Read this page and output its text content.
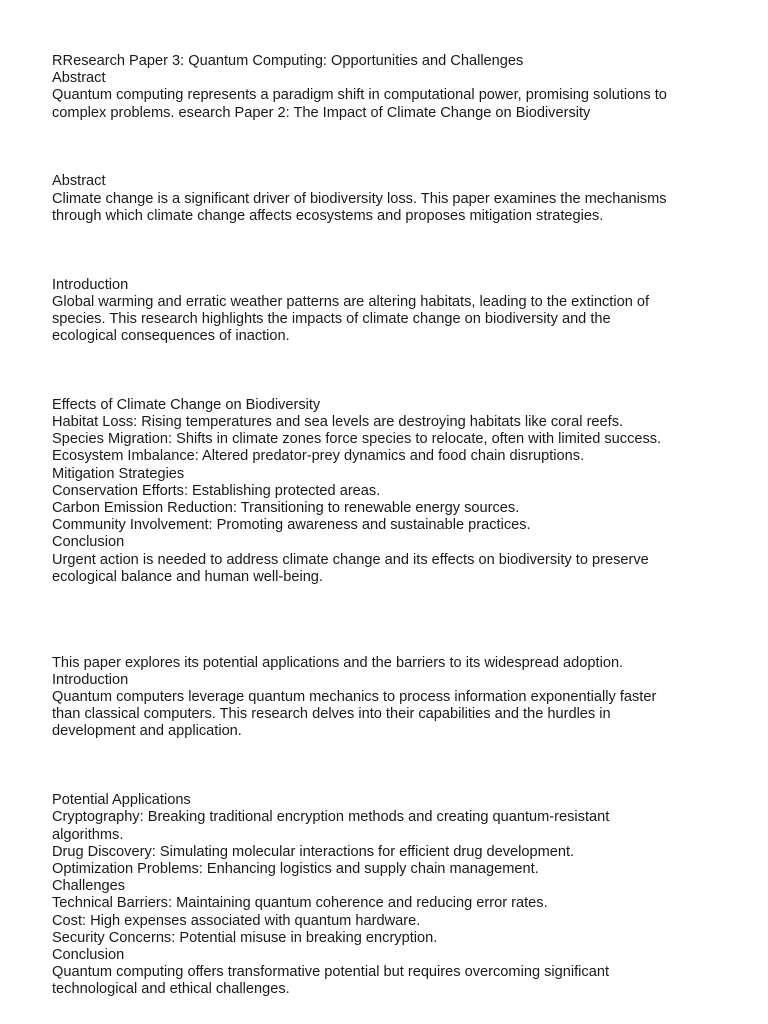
RResearch Paper 3: Quantum Computing: Opportunities and Challenges
Abstract
Quantum computing represents a paradigm shift in computational power, promising solutions to
complex problems. esearch Paper 2: The Impact of Climate Change on Biodiversity
Abstract
Climate change is a significant driver of biodiversity loss. This paper examines the mechanisms
through which climate change affects ecosystems and proposes mitigation strategies.
Introduction
Global warming and erratic weather patterns are altering habitats, leading to the extinction of
species. This research highlights the impacts of climate change on biodiversity and the
ecological consequences of inaction.
Effects of Climate Change on Biodiversity
Habitat Loss: Rising temperatures and sea levels are destroying habitats like coral reefs.
Species Migration: Shifts in climate zones force species to relocate, often with limited success.
Ecosystem Imbalance: Altered predator-prey dynamics and food chain disruptions.
Mitigation Strategies
Conservation Efforts: Establishing protected areas.
Carbon Emission Reduction: Transitioning to renewable energy sources.
Community Involvement: Promoting awareness and sustainable practices.
Conclusion
Urgent action is needed to address climate change and its effects on biodiversity to preserve
ecological balance and human well-being.
This paper explores its potential applications and the barriers to its widespread adoption.
Introduction
Quantum computers leverage quantum mechanics to process information exponentially faster
than classical computers. This research delves into their capabilities and the hurdles in
development and application.
Potential Applications
Cryptography: Breaking traditional encryption methods and creating quantum-resistant
algorithms.
Drug Discovery: Simulating molecular interactions for efficient drug development.
Optimization Problems: Enhancing logistics and supply chain management.
Challenges
Technical Barriers: Maintaining quantum coherence and reducing error rates.
Cost: High expenses associated with quantum hardware.
Security Concerns: Potential misuse in breaking encryption.
Conclusion
Quantum computing offers transformative potential but requires overcoming significant
technological and ethical challenges.
